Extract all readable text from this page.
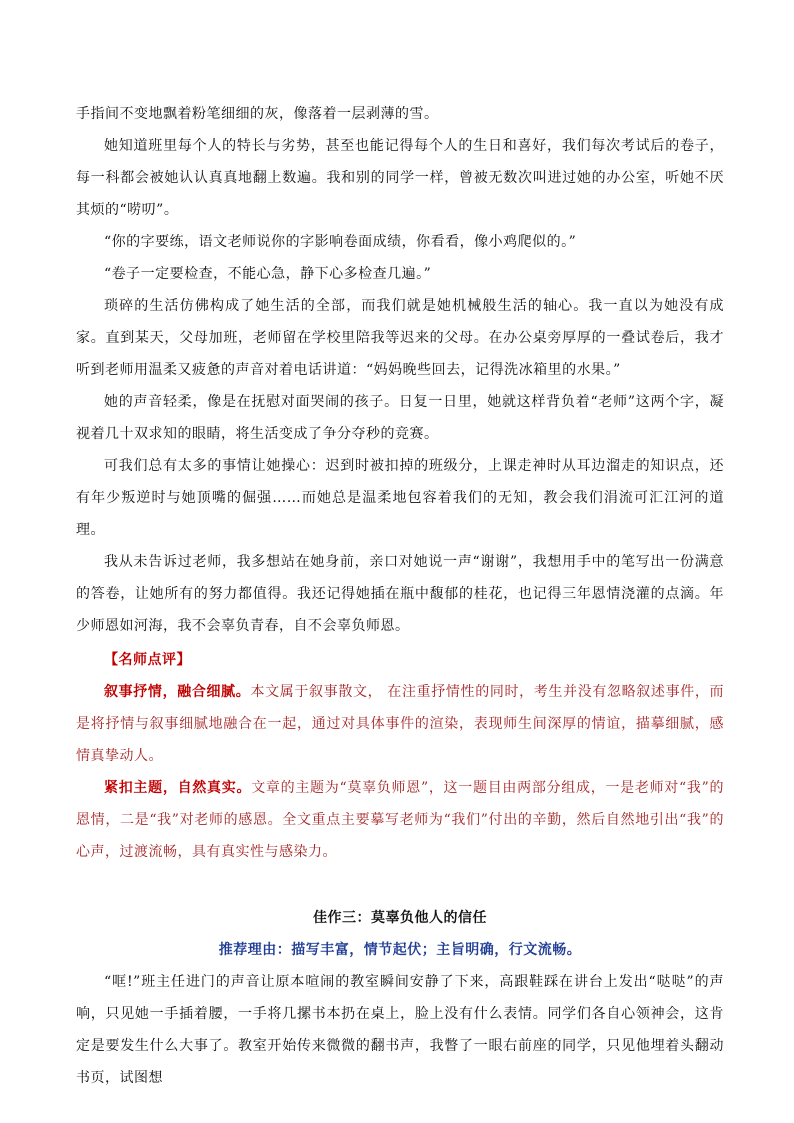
手指间不变地飘着粉笔细细的灰，像落着一层剥薄的雪。

她知道班里每个人的特长与劣势，甚至也能记得每个人的生日和喜好，我们每次考试后的卷子，每一科都会被她认认真真地翻上数遍。我和别的同学一样，曾被无数次叫进过她的办公室，听她不厌其烦的“唠叨”。

“你的字要练，语文老师说你的字影响卷面成绩，你看看，像小鸡爬似的。”

“卷子一定要检查，不能心急，静下心多检查几遍。”

琐碎的生活仿佛构成了她生活的全部，而我们就是她机械般生活的轴心。我一直以为她没有成家。直到某天，父母加班，老师留在学校里陪我等迟来的父母。在办公桌旁厚厚的一叠试卷后，我才听到老师用温柔又疲惫的声音对着电话讲道：“妈妈晚些回去，记得洗冰箱里的水果。”

她的声音轻柔，像是在抚慰对面哭闹的孩子。日复一日里，她就这样背负着“老师”这两个字，凝视着几十双求知的眼睛，将生活变成了争分夺秒的竞赛。

可我们总有太多的事情让她操心：迟到时被扣掉的班级分，上课走神时从耳边溜走的知识点，还有年少叛逆时与她顶嘴的倔强……而她总是温柔地包容着我们的无知，教会我们涓流可汇江河的道理。

我从未告诉过老师，我多想站在她身前，亲口对她说一声“谢谢”，我想用手中的笔写出一份满意的答卷，让她所有的努力都值得。我还记得她插在瓶中馥郁的桂花，也记得三年恩情浇灌的点滴。年少师恩如河海，我不会辜负青春，自不会辜负师恩。

【名师点评】

叙事抒情，融合细腻。本文属于叙事散文， 在注重抒情性的同时，考生并没有忽略叙述事件，而是将抒情与叙事细腻地融合在一起，通过对具体事件的渲染，表现师生间深厚的情谊，描摹细腻，感情真挚动人。

紧扣主题，自然真实。文章的主题为“莫辜负师恩”，这一题目由两部分组成，一是老师对“我”的恩情，二是“我”对老师的感恩。全文重点主要摹写老师为“我们”付出的辛勤，然后自然地引出“我”的心声，过渡流畅，具有真实性与感染力。

佳作三：莫辜负他人的信任

推荐理由：描写丰富，情节起伏；主旨明确，行文流畅。

“哐!”班主任进门的声音让原本喧闹的教室瞬间安静了下来，高跟鞋踩在讲台上发出“哒哒”的声响，只见她一手插着腰，一手将几摞书本扔在桌上，脸上没有什么表情。同学们各自心领神会，这肯定是要发生什么大事了。教室开始传来微微的翻书声，我瞥了一眼右前座的同学，只见他埋着头翻动书页，试图想
